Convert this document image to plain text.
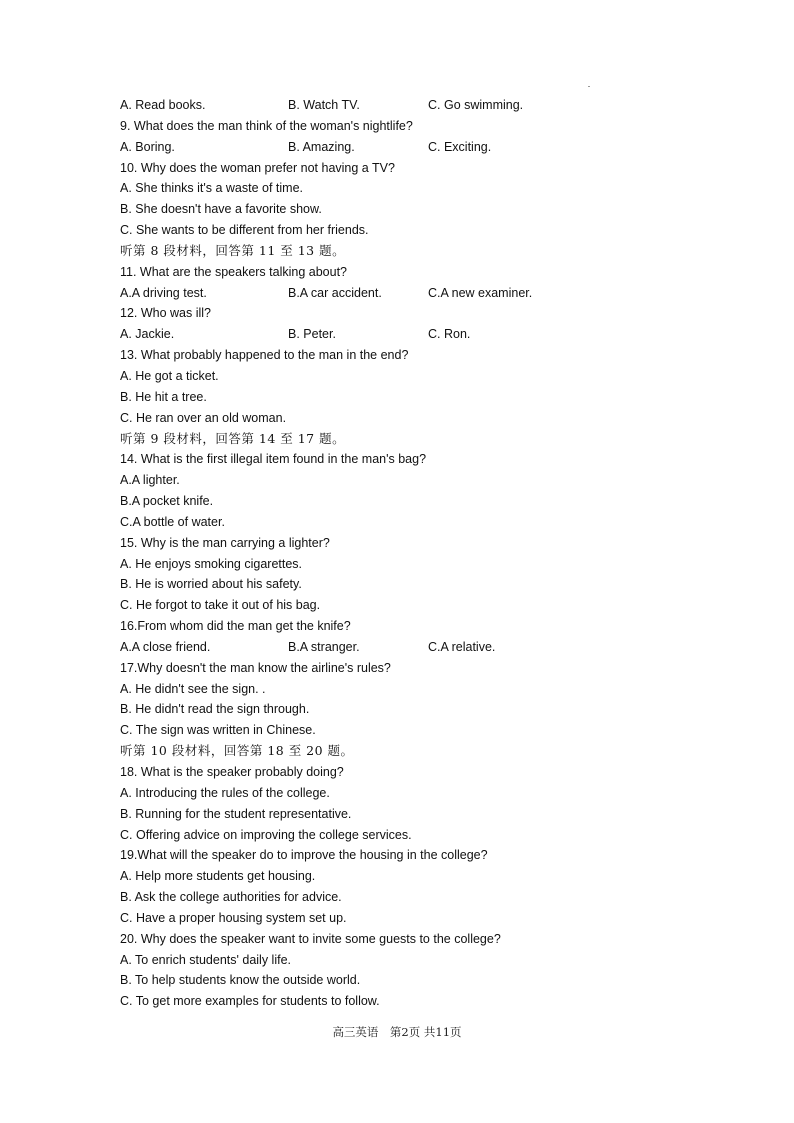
A. Read books.	B. Watch TV.	C. Go swimming.
9. What does the man think of the woman's nightlife?
A. Boring.	B. Amazing.	C. Exciting.
10. Why does the woman prefer not having a TV?
A. She thinks it's a waste of time.
B. She doesn't have a favorite show.
C. She wants to be different from her friends.
听第 8 段材料，回答第 11 至 13 题。
11. What are the speakers talking about?
A.A driving test.	B.A car accident.	C.A new examiner.
12. Who was ill?
A. Jackie.	B. Peter.	C. Ron.
13. What probably happened to the man in the end?
A. He got a ticket.
B. He hit a tree.
C. He ran over an old woman.
听第 9 段材料，回答第 14 至 17 题。
14. What is the first illegal item found in the man's bag?
A.A lighter.
B.A pocket knife.
C.A bottle of water.
15. Why is the man carrying a lighter?
A. He enjoys smoking cigarettes.
B. He is worried about his safety.
C. He forgot to take it out of his bag.
16.From whom did the man get the knife?
A.A close friend.	B.A stranger.	C.A relative.
17.Why doesn't the man know the airline's rules?
A. He didn't see the sign. .
B. He didn't read the sign through.
C. The sign was written in Chinese.
听第 10 段材料，回答第 18 至 20 题。
18. What is the speaker probably doing?
A. Introducing the rules of the college.
B. Running for the student representative.
C. Offering advice on improving the college services.
19.What will the speaker do to improve the housing in the college?
A. Help more students get housing.
B. Ask the college authorities for advice.
C. Have a proper housing system set up.
20. Why does the speaker want to invite some guests to the college?
A. To enrich students' daily life.
B. To help students know the outside world.
C. To get more examples for students to follow.
高三英语　第2页 共11页
